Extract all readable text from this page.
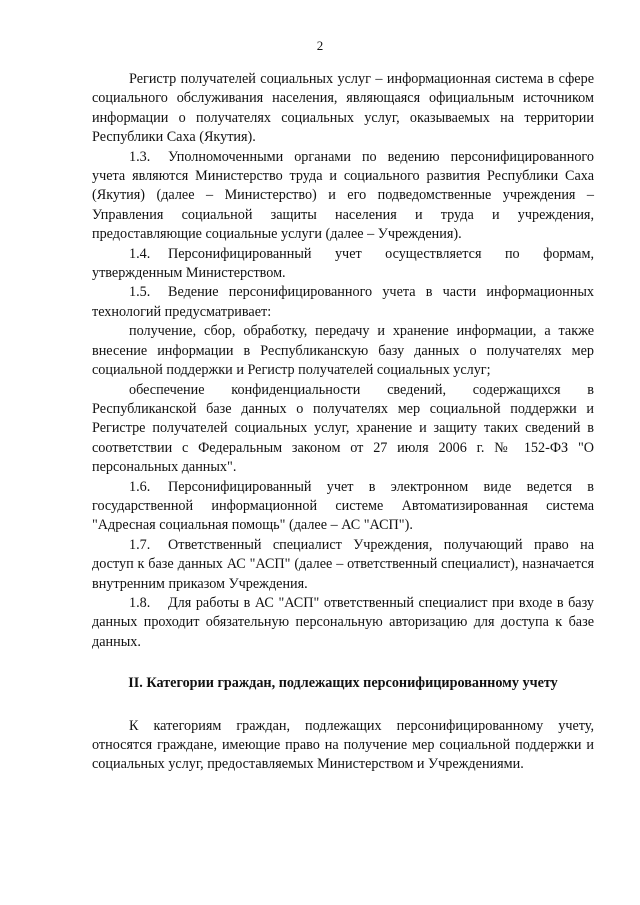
2

Регистр получателей социальных услуг – информационная система в сфере социального обслуживания населения, являющаяся официальным источником информации о получателях социальных услуг, оказываемых на территории Республики Саха (Якутия).

1.3. Уполномоченными органами по ведению персонифицированного учета являются Министерство труда и социального развития Республики Саха (Якутия) (далее – Министерство) и его подведомственные учреждения – Управления социальной защиты населения и труда и учреждения, предоставляющие социальные услуги (далее – Учреждения).

1.4. Персонифицированный учет осуществляется по формам, утвержденным Министерством.

1.5. Ведение персонифицированного учета в части информационных технологий предусматривает:

получение, сбор, обработку, передачу и хранение информации, а также внесение информации в Республиканскую базу данных о получателях мер социальной поддержки и Регистр получателей социальных услуг;

обеспечение конфиденциальности сведений, содержащихся в Республиканской базе данных о получателях мер социальной поддержки и Регистре получателей социальных услуг, хранение и защиту таких сведений в соответствии с Федеральным законом от 27 июля 2006 г. № 152-ФЗ "О персональных данных".

1.6. Персонифицированный учет в электронном виде ведется в государственной информационной системе Автоматизированная система "Адресная социальная помощь" (далее – АС "АСП").

1.7. Ответственный специалист Учреждения, получающий право на доступ к базе данных АС "АСП" (далее – ответственный специалист), назначается внутренним приказом Учреждения.

1.8. Для работы в АС "АСП" ответственный специалист при входе в базу данных проходит обязательную персональную авторизацию для доступа к базе данных.

II. Категории граждан, подлежащих персонифицированному учету

К категориям граждан, подлежащих персонифицированному учету, относятся граждане, имеющие право на получение мер социальной поддержки и социальных услуг, предоставляемых Министерством и Учреждениями.
